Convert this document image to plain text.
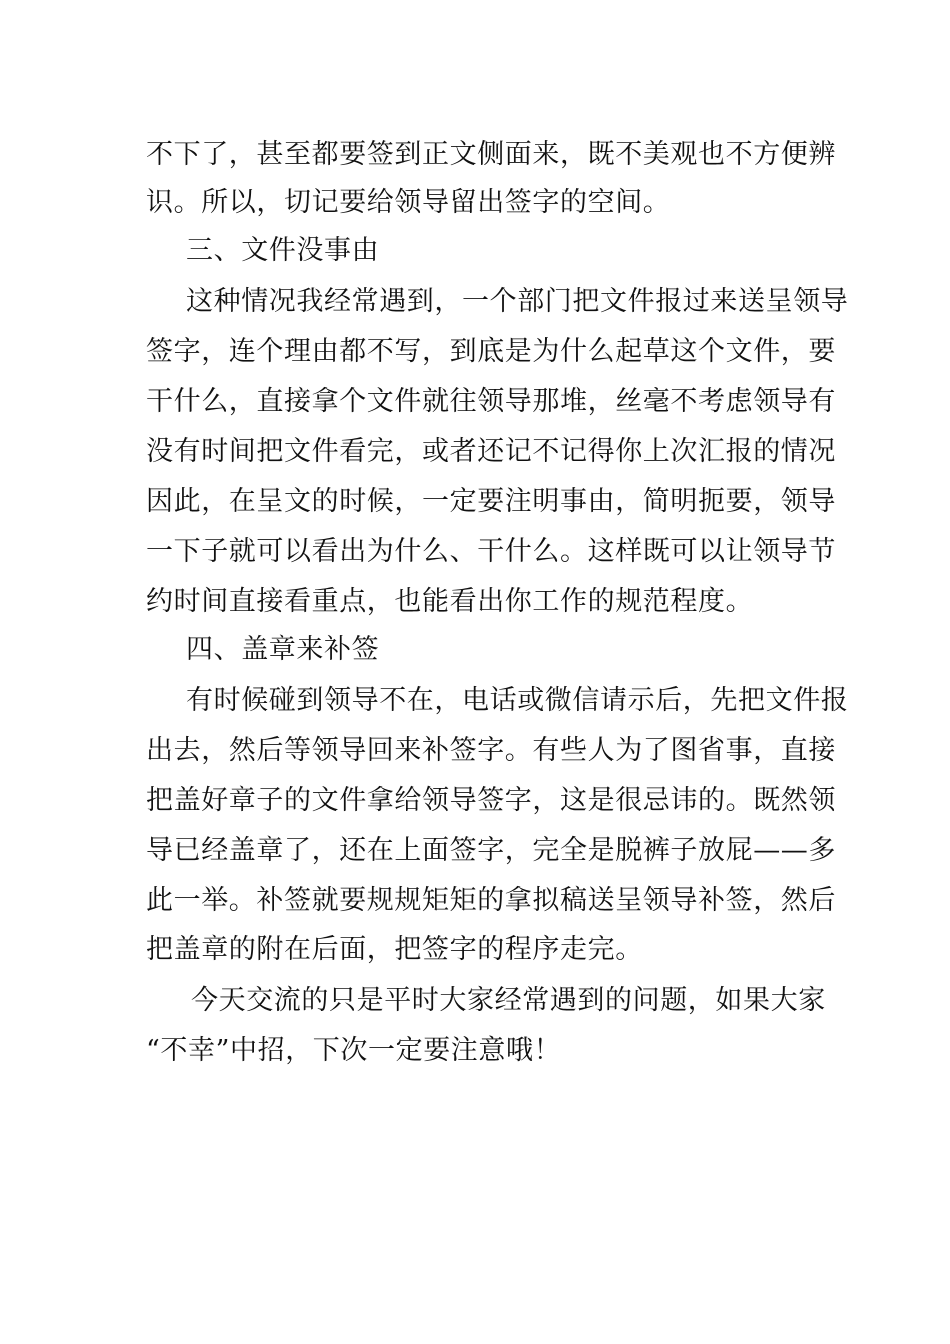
不下了，甚至都要签到正文侧面来，既不美观也不方便辨
识。所以，切记要给领导留出签字的空间。
三、文件没事由
这种情况我经常遇到，一个部门把文件报过来送呈领导
签字，连个理由都不写，到底是为什么起草这个文件，要
干什么，直接拿个文件就往领导那堆，丝毫不考虑领导有
没有时间把文件看完，或者还记不记得你上次汇报的情况
因此，在呈文的时候，一定要注明事由，简明扼要，领导
一下子就可以看出为什么、干什么。这样既可以让领导节
约时间直接看重点，也能看出你工作的规范程度。
四、盖章来补签
有时候碰到领导不在，电话或微信请示后，先把文件报
出去，然后等领导回来补签字。有些人为了图省事，直接
把盖好章子的文件拿给领导签字，这是很忌讳的。既然领
导已经盖章了，还在上面签字，完全是脱裤子放屁——多
此一举。补签就要规规矩矩的拿拟稿送呈领导补签，然后
把盖章的附在后面，把签字的程序走完。
今天交流的只是平时大家经常遇到的问题，如果大家
“不幸”中招，下次一定要注意哦！
